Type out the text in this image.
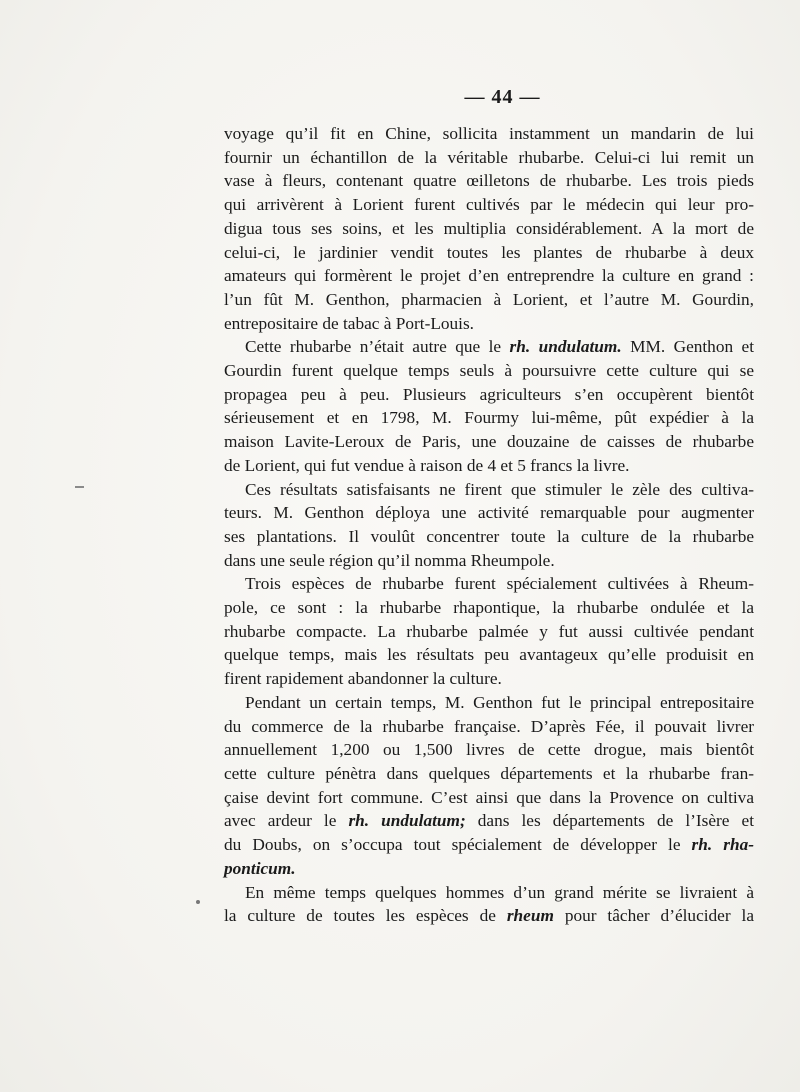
— 44 —
voyage qu’il fit en Chine, sollicita instamment un mandarin de lui
fournir un échantillon de la véritable rhubarbe. Celui-ci lui remit un
vase à fleurs, contenant quatre œilletons de rhubarbe. Les trois pieds
qui arrivèrent à Lorient furent cultivés par le médecin qui leur pro-
digua tous ses soins, et les multiplia considérablement. A la mort de
celui-ci, le jardinier vendit toutes les plantes de rhubarbe à deux
amateurs qui formèrent le projet d’en entreprendre la culture en grand :
l’un fût M. Genthon, pharmacien à Lorient, et l’autre M. Gourdin,
entrepositaire de tabac à Port-Louis.
Cette rhubarbe n’était autre que le rh. undulatum. MM. Genthon et
Gourdin furent quelque temps seuls à poursuivre cette culture qui se
propagea peu à peu. Plusieurs agriculteurs s’en occupèrent bientôt
sérieusement et en 1798, M. Fourmy lui-même, pût expédier à la
maison Lavite-Leroux de Paris, une douzaine de caisses de rhubarbe
de Lorient, qui fut vendue à raison de 4 et 5 francs la livre.
Ces résultats satisfaisants ne firent que stimuler le zèle des cultiva-
teurs. M. Genthon déploya une activité remarquable pour augmenter
ses plantations. Il voulût concentrer toute la culture de la rhubarbe
dans une seule région qu’il nomma Rheumpole.
Trois espèces de rhubarbe furent spécialement cultivées à Rheum-
pole, ce sont : la rhubarbe rhapontique, la rhubarbe ondulée et la
rhubarbe compacte. La rhubarbe palmée y fut aussi cultivée pendant
quelque temps, mais les résultats peu avantageux qu’elle produisit en
firent rapidement abandonner la culture.
Pendant un certain temps, M. Genthon fut le principal entrepositaire
du commerce de la rhubarbe française. D’après Fée, il pouvait livrer
annuellement 1,200 ou 1,500 livres de cette drogue, mais bientôt
cette culture pénètra dans quelques départements et la rhubarbe fran-
çaise devint fort commune. C’est ainsi que dans la Provence on cultiva
avec ardeur le rh. undulatum; dans les départements de l’Isère et
du Doubs, on s’occupa tout spécialement de développer le rh. rha-
ponticum.
En même temps quelques hommes d’un grand mérite se livraient à
la culture de toutes les espèces de rheum pour tâcher d’élucider la
